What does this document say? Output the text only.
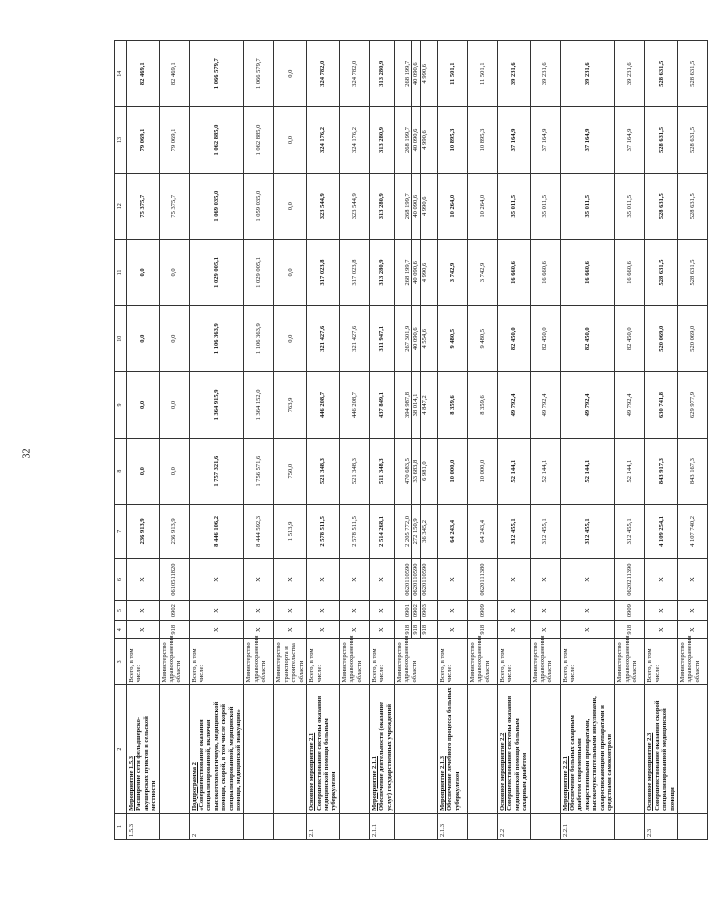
32
1	2	3	4	5	6	7	8	9	10	11	12	13	14
1.5.3	Мероприятие 1.5.3 Расширение сети фельдшерско-акушерских пунктов в сельской местности	Всего, в том числе:	X	X	X	236 913,9	0,0	0,0	0,0	0,0	75 375,7	79 069,1	82 469,1
		Министерство здравоохранения области	918	0902	0610511820	236 913,9	0,0	0,0	0,0	0,0	75 375,7	79 069,1	82 469,1
2	Подпрограмма 2 «Совершенствование оказания специализированной, включая высокотехнологичную, медицинской помощи, скорой, в том числе скорой специализированной, медицинской помощи, медицинской эвакуации»	Всего, в том числе:	X	X	X	8 446 106,2	1 757 321,6	1 364 915,9	1 106 363,9	1 029 005,1	1 069 035,0	1 062 885,0	1 066 579,7
		Министерство здравоохранения области	X	X	X	8 444 592,3	1 756 571,6	1 364 152,0	1 106 363,9	1 029 005,1	1 059 035,0	1 062 885,0	1 066 579,7
		Министерство транспорта и строительства области	X	X	X	1 513,9	750,0	763,9	0,0	0,0	0,0	0,0	0,0
2.1	Основное мероприятие 2.1 Совершенствование системы оказания медицинской помощи больным туберкулезом	Всего, в том числе:	X	X	X	2 578 511,5	521 348,3	446 208,7	321 427,6	317 023,8	323 544,9	324 176,2	324 782,0
		Министерство здравоохранения области	X	X	X	2 578 511,5	521 348,3	446 208,7	321 427,6	317 023,8	323 544,9	324 176,2	324 782,0
2.1.1	Мероприятие 2.1.1 Обеспечение деятельности (оказание услуг) государственных учреждений	Всего, в том числе:	X	X	X	2 514 268,1	511 348,3	437 849,1	311 947,1	313 280,9	313 280,9	313 280,9	313 280,9
		Министерство здравоохранения области	918 918 918	0901 0902 0903	0620110590 0620110590 0620110590	2 205 772,0 272 150,9 36 345,2	470 683,5 33 683,8 6 981,0	394 987,8 38 014,1 4 847,2	267 301,9 40 090,6 4 554,6	268 199,7 40 090,6 4 990,6	268 199,7 40 090,6 4 990,6	268 199,7 40 090,6 4 990,6	268 199,7 40 090,6 4 990,6

2.1.3	Мероприятие 2.1.3 Обеспечение лечебного процесса больных туберкулезом	Всего, в том числе:	X	X	X	64 243,4	10 000,0	8 359,6	9 480,5	3 742,9	10 264,0	10 895,3	11 501,1
		Министерство здравоохранения области	918	0909	0620111380	64 243,4	10 000,0	8 359,6	9 480,5	3 742,9	10 264,0	10 895,3	11 501,1
2.2	Основное мероприятие 2.2 Совершенствование системы оказания медицинской помощи больным сахарным диабетом	Всего, в том числе:	X	X	X	312 455,1	52 144,1	49 792,4	82 450,0	16 660,6	35 011,5	37 164,9	39 231,6
		Министерство здравоохранения области	X	X	X	312 455,1	52 144,1	49 792,4	82 450,0	16 660,6	35 011,5	37 164,9	39 231,6
2.2.1	Мероприятие 2.2.1 Обеспечение больных сахарным диабетом современными лекарственными препаратами, высокочувствительными инсулинами, сахароснижающими препаратами и средствами самоконтроля	Всего, в том числе:	X	X	X	312 455,1	52 144,1	49 792,4	82 450,0	16 660,6	35 011,5	37 164,9	39 231,6
		Министерство здравоохранения области	918	0909	0620211390	312 455,1	52 144,1	49 792,4	82 450,0	16 660,6	35 011,5	37 164,9	39 231,6
2.3	Основное мероприятие 2.3 Совершенствование оказания скорой специализированной медицинской помощи	Всего, в том числе:	X	X	X	4 109 254,1	843 917,3	630 741,8	520 069,0	528 631,5	528 631,5	528 631,5	528 631,5
		Министерство здравоохранения области	X	X	X	4 107 740,2	843 167,3	629 977,9	520 069,0	528 631,5	528 631,5	528 631,5	528 631,5
